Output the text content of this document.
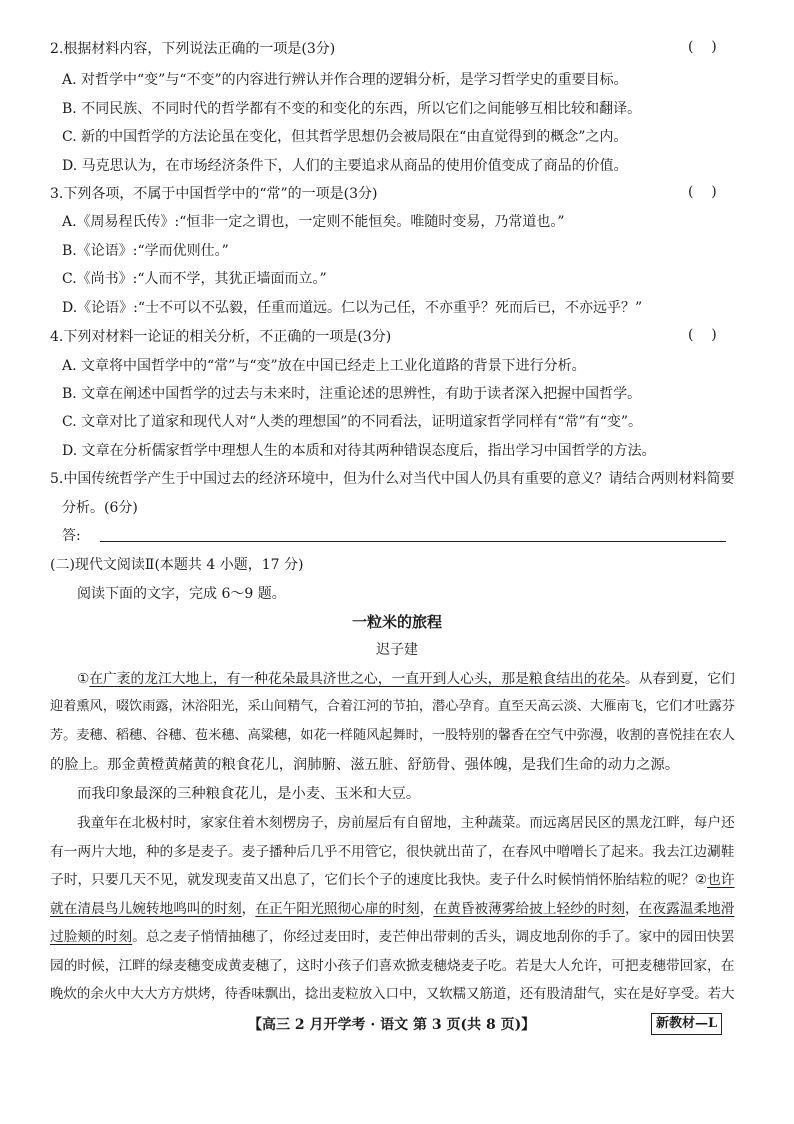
2.根据材料内容，下列说法正确的一项是(3分)	(    )
A. 对哲学中“变”与“不变”的内容进行辨认并作合理的逻辑分析，是学习哲学史的重要目标。
B. 不同民族、不同时代的哲学都有不变的和变化的东西，所以它们之间能够互相比较和翻译。
C. 新的中国哲学的方法论虽在变化，但其哲学思想仍会被局限在“由直觉得到的概念”之内。
D. 马克思认为，在市场经济条件下，人们的主要追求从商品的使用价值变成了商品的价值。
3.下列各项，不属于中国哲学中的“常”的一项是(3分)	(    )
A.《周易程氏传》:“恒非一定之谓也，一定则不能恒矣。唯随时变易，乃常道也。”
B.《论语》:“学而优则仕。”
C.《尚书》:“人而不学，其犹正墙面而立。”
D.《论语》:“士不可以不弘毅，任重而道远。仁以为己任，不亦重乎？死而后已，不亦远乎？”
4.下列对材料一论证的相关分析，不正确的一项是(3分)	(    )
A. 文章将中国哲学中的“常”与“变”放在中国已经走上工业化道路的背景下进行分析。
B. 文章在阐述中国哲学的过去与未来时，注重论述的思辨性，有助于读者深入把握中国哲学。
C. 文章对比了道家和现代人对“人类的理想国”的不同看法，证明道家哲学同样有“常”有“变”。
D. 文章在分析儒家哲学中理想人生的本质和对待其两种错误态度后，指出学习中国哲学的方法。
5.中国传统哲学产生于中国过去的经济环境中，但为什么对当代中国人仍具有重要的意义？请结合两则材料简要
分析。(6分)
答:
(二)现代文阅读Ⅱ(本题共 4 小题，17 分)
阅读下面的文字，完成 6～9 题。
一粒米的旅程
迟子建
①在广袤的龙江大地上，有一种花朵最具济世之心，一直开到人心头，那是粮食结出的花朵。从春到夏，它们
迎着熏风，啜饮雨露，沐浴阳光，采山间精气，合着江河的节拍，潜心孕育。直至天高云淡、大雁南飞，它们才吐露芬
芳。麦穗、稻穗、谷穗、苞米穗、高粱穗，如花一样随风起舞时，一股特别的馨香在空气中弥漫，收割的喜悦挂在农人
的脸上。那金黄橙黄赭黄的粮食花儿，润肺腑、滋五脏、舒筋骨、强体魄，是我们生命的动力之源。
而我印象最深的三种粮食花儿，是小麦、玉米和大豆。
我童年在北极村时，家家住着木刻楞房子，房前屋后有自留地，主种蔬菜。而远离居民区的黑龙江畔，每户还
有一两片大地，种的多是麦子。麦子播种后几乎不用管它，很快就出苗了，在春风中噌噌长了起来。我去江边涮鞋
子时，只要几天不见，就发现麦苗又出息了，它们长个子的速度比我快。麦子什么时候悄悄怀胎结粒的呢？②也许
就在清晨鸟儿婉转地鸣叫的时刻，在正午阳光照彻心扉的时刻，在黄昏被薄雾给披上轻纱的时刻，在夜露温柔地滑
过脸颊的时刻。总之麦子悄情抽穗了，你经过麦田时，麦芒伸出带刺的舌头，调皮地刮你的手了。家中的园田快罢
园的时候，江畔的绿麦穗变成黄麦穗了，这时小孩子们喜欢掀麦穗烧麦子吃。若是大人允许，可把麦穗带回家，在
晚炊的余火中大大方方烘烤，待香味飘出，捻出麦粒放入口中，又软糯又筋道，还有股清甜气，实在是好享受。若大
【高三 2 月开学考 · 语文 第 3 页(共 8 页)】	新教材—L
